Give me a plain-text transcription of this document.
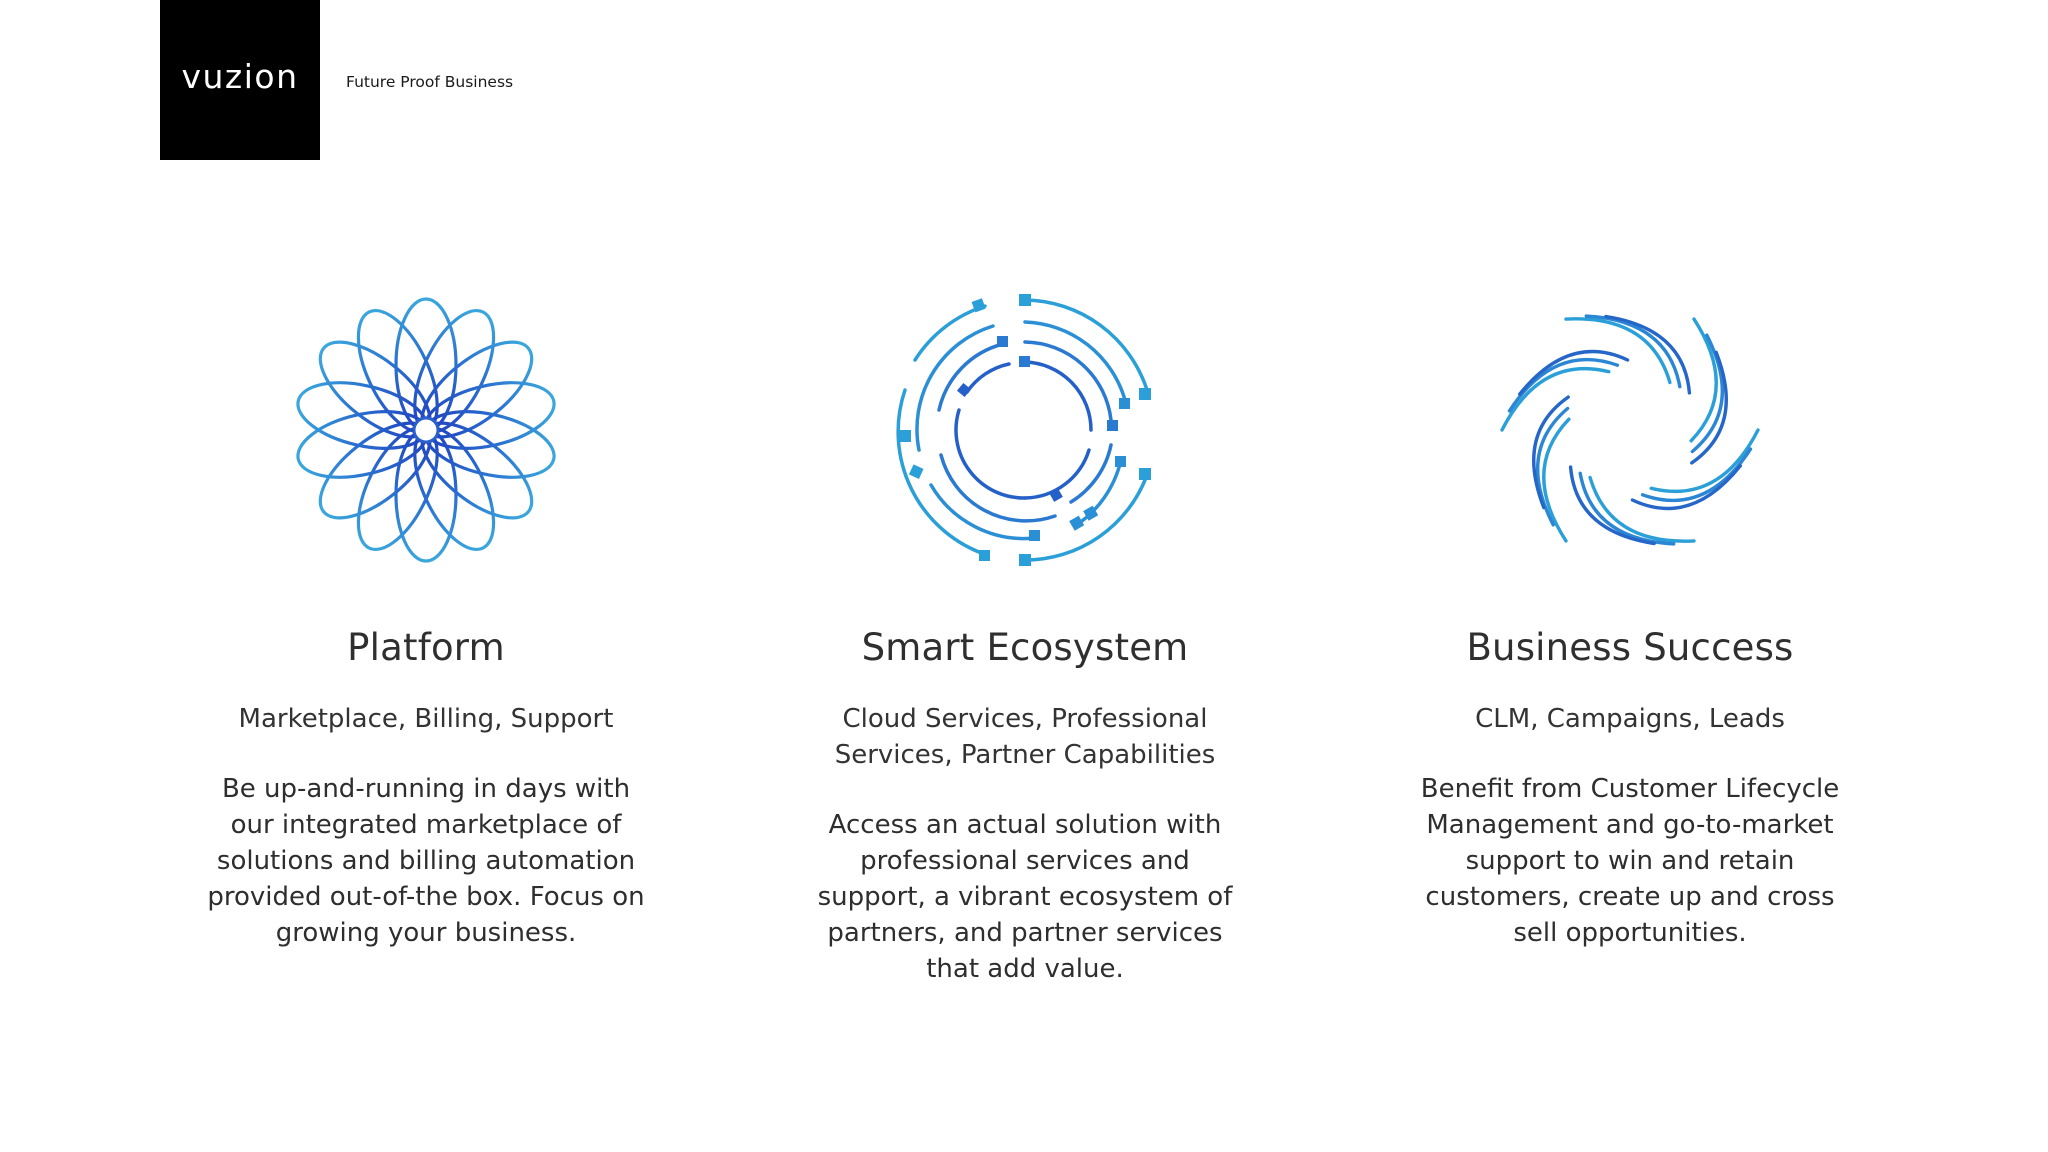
vuzion	Future Proof Business
Platform
Marketplace, Billing, Support
Be up-and-running in days with our integrated marketplace of solutions and billing automation provided out-of-the box. Focus on growing your business.
Smart Ecosystem
Cloud Services, Professional Services, Partner Capabilities
Access an actual solution with professional services and support, a vibrant ecosystem of partners, and partner services that add value.
Business Success
CLM, Campaigns, Leads
Benefit from Customer Lifecycle Management and go-to-market support to win and retain customers, create up and cross sell opportunities.
